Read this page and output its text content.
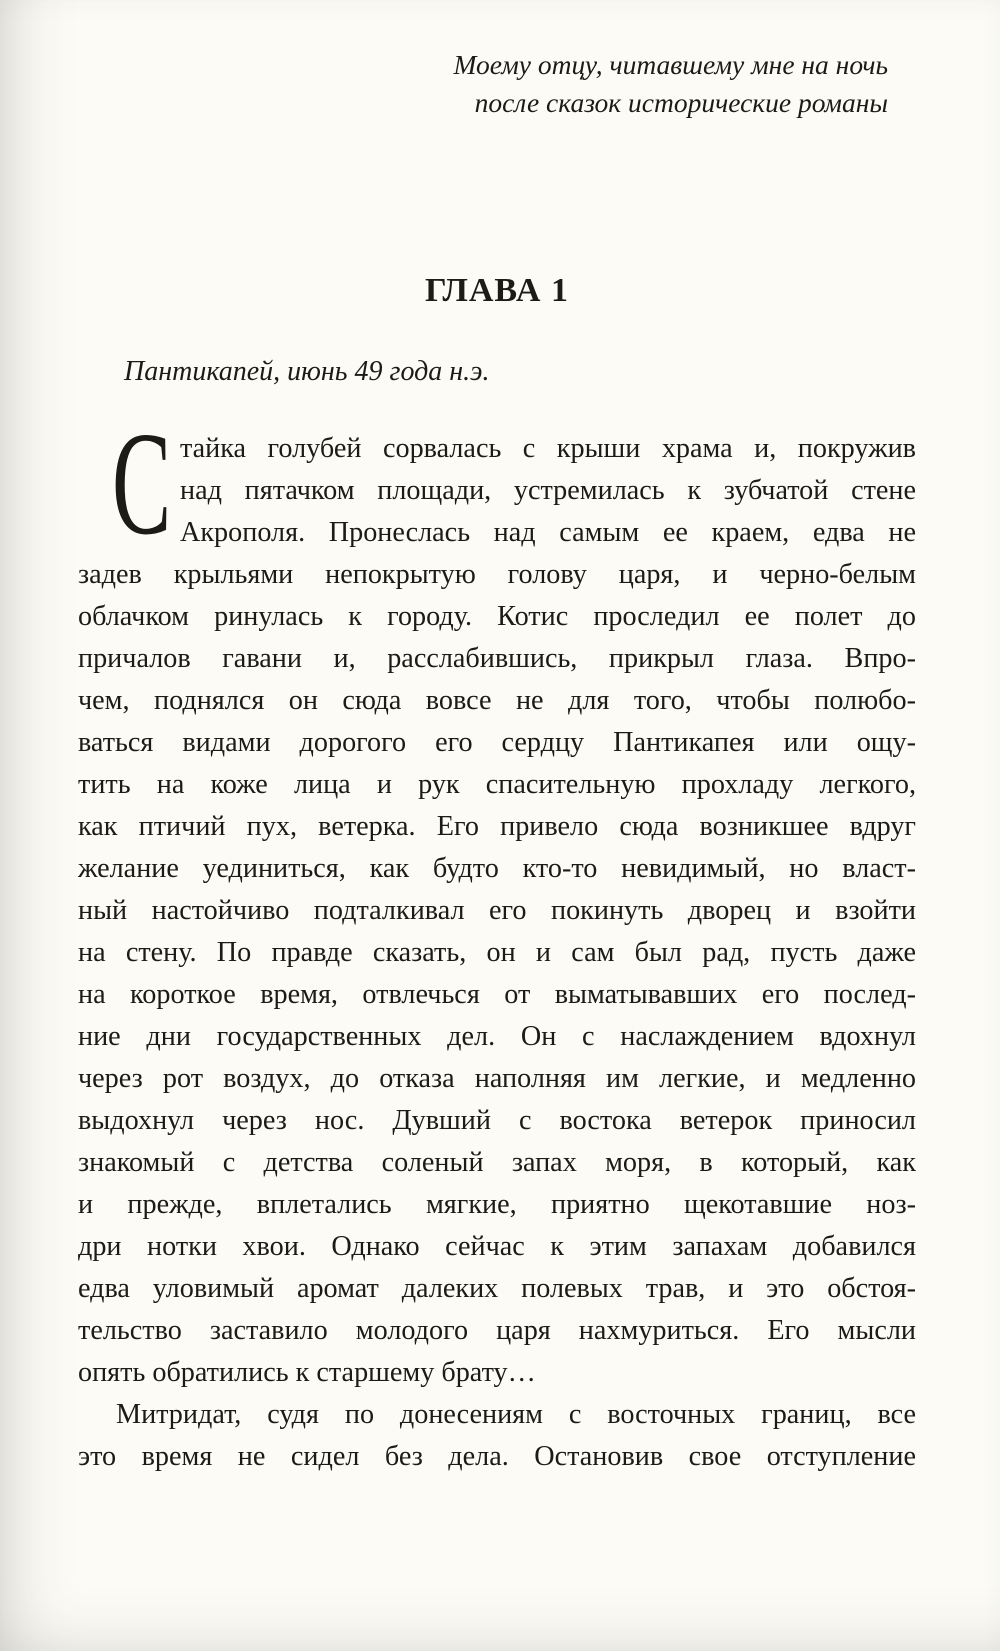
Моему отцу, читавшему мне на ночь
после сказок исторические романы
ГЛАВА 1
Пантикапей, июнь 49 года н.э.
С тайка голубей сорвалась с крыши храма и, покружив
над пятачком площади, устремилась к зубчатой стене
Акрополя. Пронеслась над самым ее краем, едва не
задев крыльями непокрытую голову царя, и черно-белым
облачком ринулась к городу. Котис проследил ее полет до
причалов гавани и, расслабившись, прикрыл глаза. Впро-
чем, поднялся он сюда вовсе не для того, чтобы полюбо-
ваться видами дорогого его сердцу Пантикапея или ощу-
тить на коже лица и рук спасительную прохладу легкого,
как птичий пух, ветерка. Его привело сюда возникшее вдруг
желание уединиться, как будто кто-то невидимый, но власт-
ный настойчиво подталкивал его покинуть дворец и взойти
на стену. По правде сказать, он и сам был рад, пусть даже
на короткое время, отвлечься от выматывавших его послед-
ние дни государственных дел. Он с наслаждением вдохнул
через рот воздух, до отказа наполняя им легкие, и медленно
выдохнул через нос. Дувший с востока ветерок приносил
знакомый с детства соленый запах моря, в который, как
и прежде, вплетались мягкие, приятно щекотавшие ноз-
дри нотки хвои. Однако сейчас к этим запахам добавился
едва уловимый аромат далеких полевых трав, и это обстоя-
тельство заставило молодого царя нахмуриться. Его мысли
опять обратились к старшему брату…
Митридат, судя по донесениям с восточных границ, все
это время не сидел без дела. Остановив свое отступление
